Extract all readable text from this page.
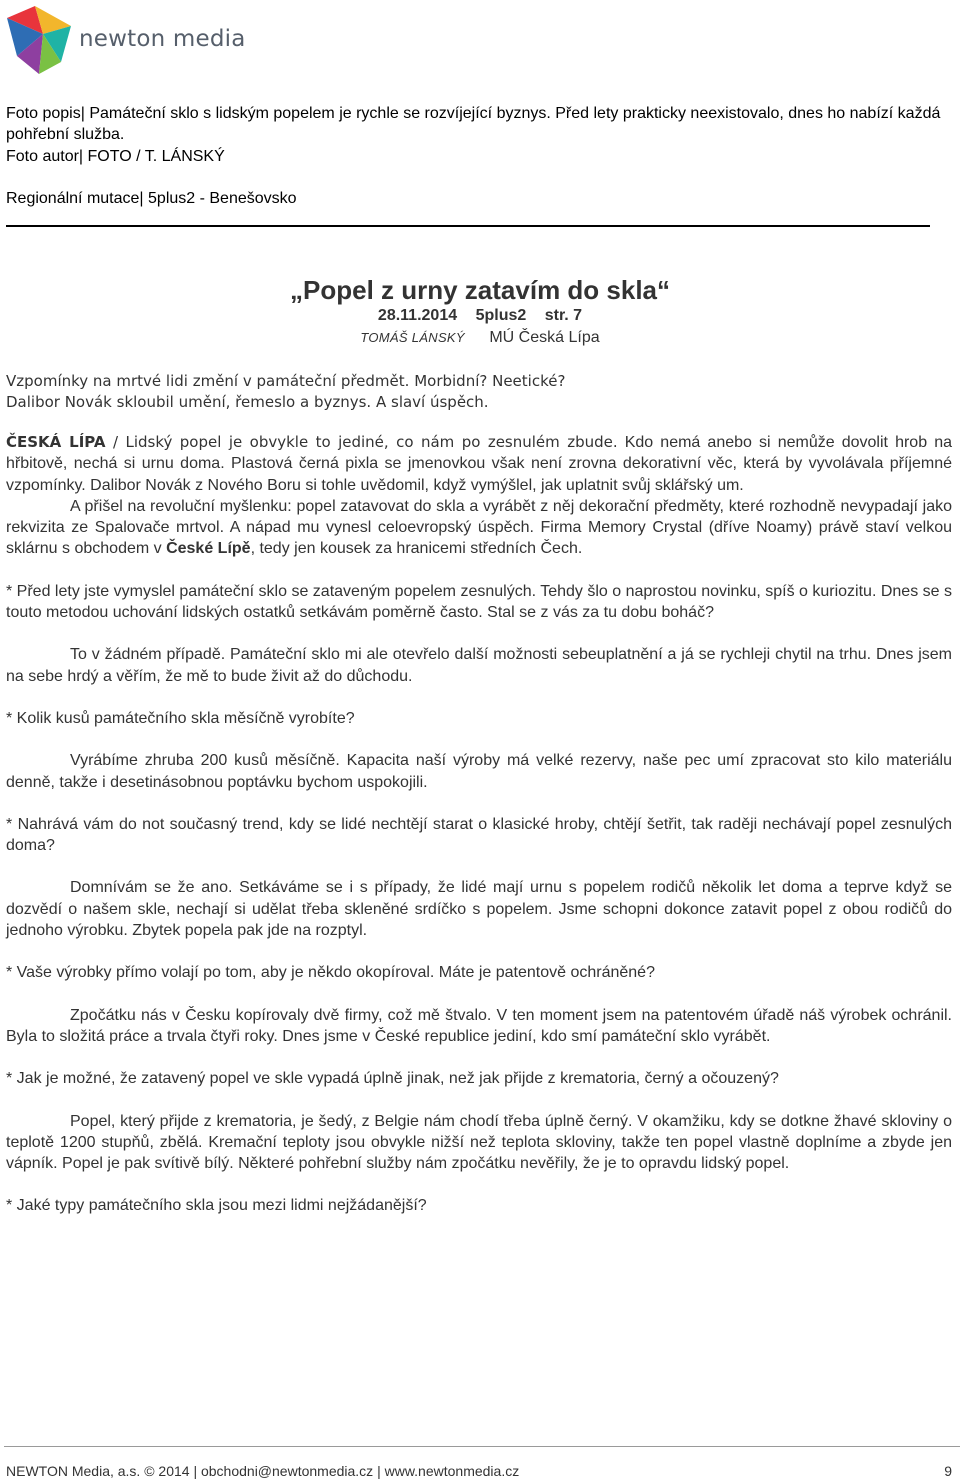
newton media

Foto popis| Památeční sklo s lidským popelem je rychle se rozvíjející byznys. Před lety prakticky neexistovalo, dnes ho nabízí každá pohřební služba.

Foto autor| FOTO / T. LÁNSKÝ

Regionální mutace| 5plus2 - Benešovsko
„Popel z urny zatavím do skla“
28.11.2014 5plus2 str. 7
TOMÁŠ LÁNSKÝ MÚ Česká Lípa
Vzpomínky na mrtvé lidi změní v památeční předmět. Morbidní? Neetické? Dalibor Novák skloubil umění, řemeslo a byznys. A slaví úspěch.

ČESKÁ LÍPA / Lidský popel je obvykle to jediné, co nám po zesnulém zbude. Kdo nemá anebo si nemůže dovolit hrob na hřbitově, nechá si urnu doma. Plastová černá pixla se jmenovkou však není zrovna dekorativní věc, která by vyvolávala příjemné vzpomínky. Dalibor Novák z Nového Boru si tohle uvědomil, když vymýšlel, jak uplatnit svůj sklářský um.

A přišel na revoluční myšlenku: popel zatavovat do skla a vyrábět z něj dekorační předměty, které rozhodně nevypadají jako rekvizita ze Spalovače mrtvol. A nápad mu vynesl celoevropský úspěch. Firma Memory Crystal (dříve Noamy) právě staví velkou sklárnu s obchodem v České Lípě, tedy jen kousek za hranicemi středních Čech.

* Před lety jste vymyslel památeční sklo se zataveným popelem zesnulých. Tehdy šlo o naprostou novinku, spíš o kuriozitu. Dnes se s touto metodou uchování lidských ostatků setkávám poměrně často. Stal se z vás za tu dobu boháč?

To v žádném případě. Památeční sklo mi ale otevřelo další možnosti sebeuplatnění a já se rychleji chytil na trhu. Dnes jsem na sebe hrdý a věřím, že mě to bude živit až do důchodu.

* Kolik kusů památečního skla měsíčně vyrobíte?

Vyrábíme zhruba 200 kusů měsíčně. Kapacita naší výroby má velké rezervy, naše pec umí zpracovat sto kilo materiálu denně, takže i desetinásobnou poptávku bychom uspokojili.

* Nahrává vám do not současný trend, kdy se lidé nechtějí starat o klasické hroby, chtějí šetřit, tak raději nechávají popel zesnulých doma?

Domnívám se že ano. Setkáváme se i s případy, že lidé mají urnu s popelem rodičů několik let doma a teprve když se dozvědí o našem skle, nechají si udělat třeba skleněné srdíčko s popelem. Jsme schopni dokonce zatavit popel z obou rodičů do jednoho výrobku. Zbytek popela pak jde na rozptyl.

* Vaše výrobky přímo volají po tom, aby je někdo okopíroval. Máte je patentově ochráněné?

Zpočátku nás v Česku kopírovaly dvě firmy, což mě štvalo. V ten moment jsem na patentovém úřadě náš výrobek ochránil. Byla to složitá práce a trvala čtyři roky. Dnes jsme v České republice jediní, kdo smí památeční sklo vyrábět.

* Jak je možné, že zatavený popel ve skle vypadá úplně jinak, než jak přijde z krematoria, černý a očouzený?

Popel, který přijde z krematoria, je šedý, z Belgie nám chodí třeba úplně černý. V okamžiku, kdy se dotkne žhavé skloviny o teplotě 1200 stupňů, zbělá. Kremační teploty jsou obvykle nižší než teplota skloviny, takže ten popel vlastně doplníme a zbyde jen vápník. Popel je pak svítivě bílý. Některé pohřební služby nám zpočátku nevěřily, že je to opravdu lidský popel.

* Jaké typy památečního skla jsou mezi lidmi nejžádanější?

NEWTON Media, a.s. © 2014 | obchodni@newtonmedia.cz | www.newtonmedia.cz	9
